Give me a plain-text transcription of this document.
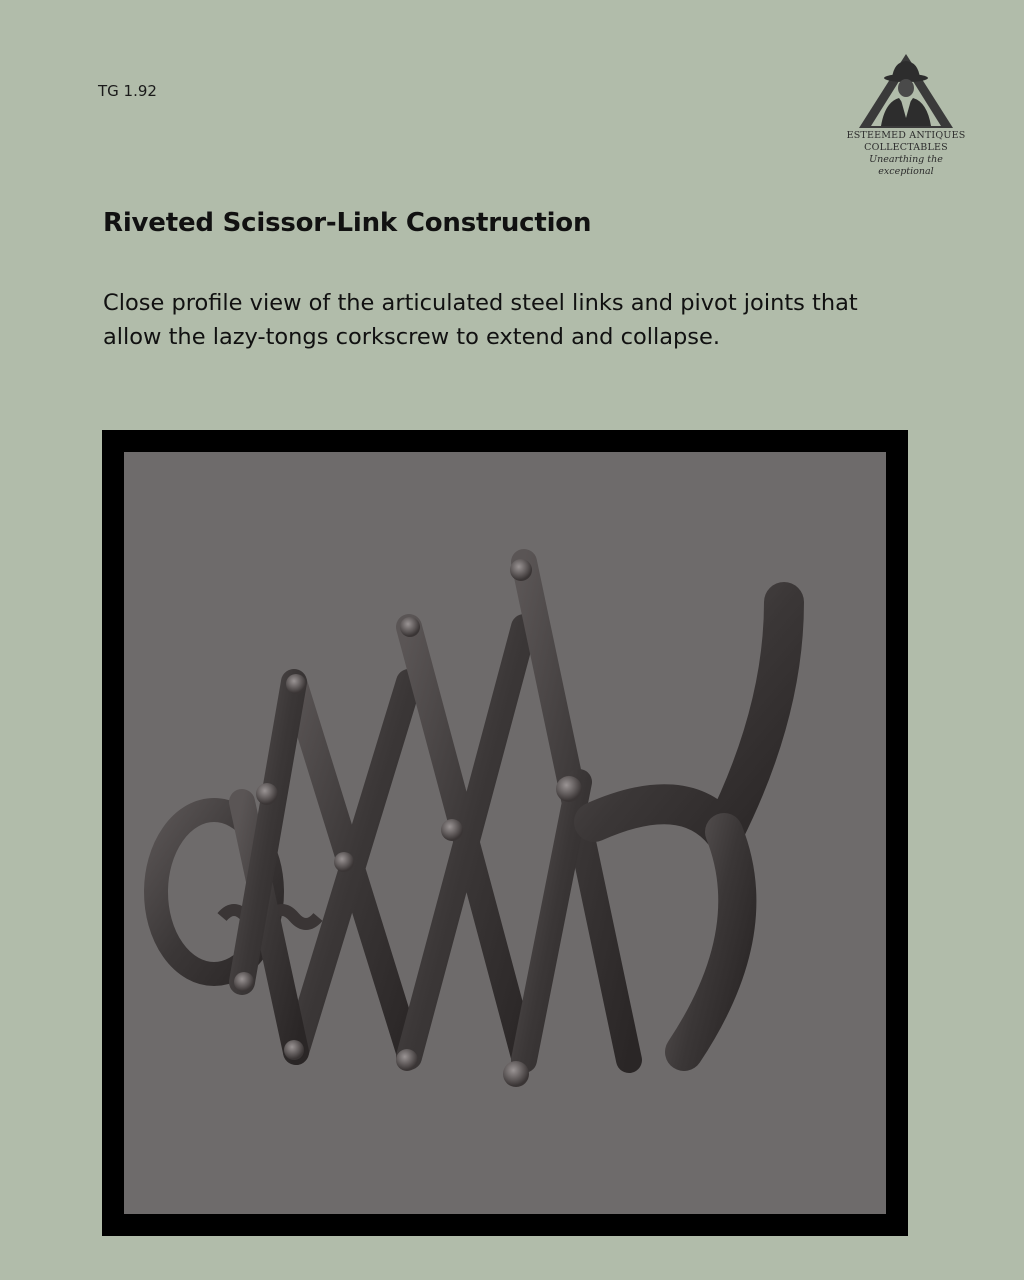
TG 1.92
ESTEEMED ANTIQUES
COLLECTABLES
Unearthing the exceptional
Riveted Scissor-Link Construction
Close profile view of the articulated steel links and pivot joints that allow the lazy-tongs corkscrew to extend and collapse.
